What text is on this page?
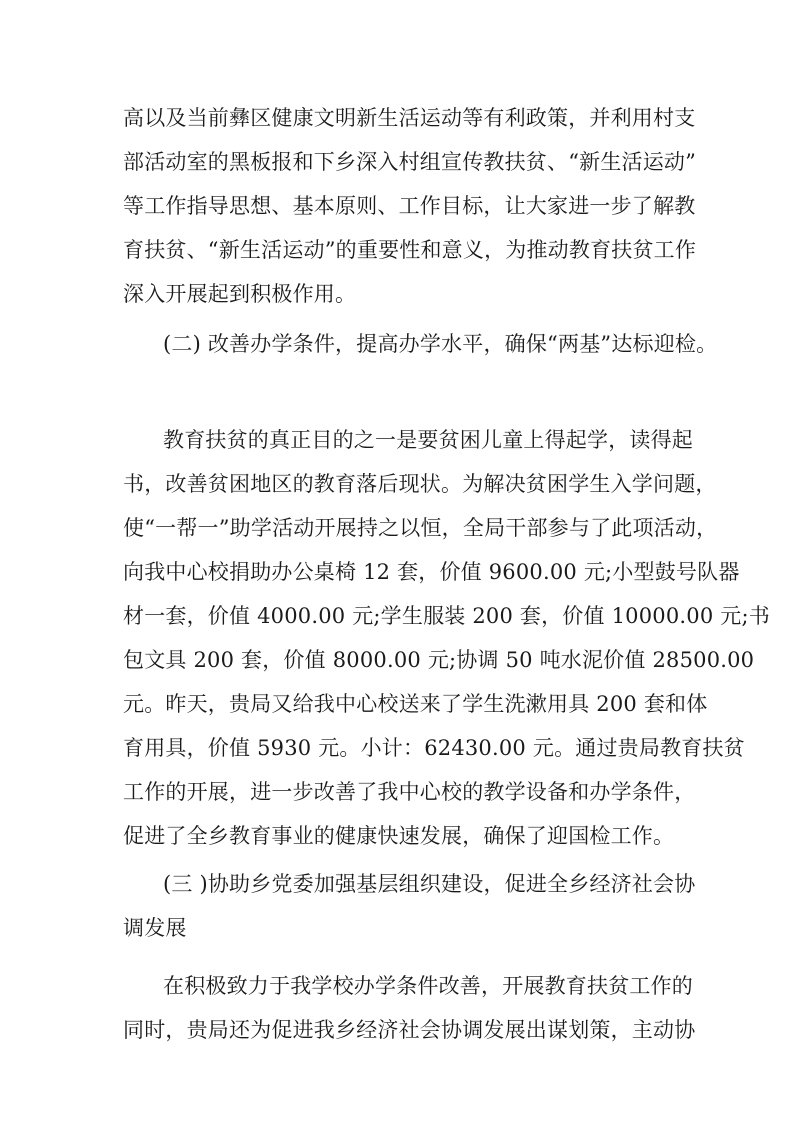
高以及当前彝区健康文明新生活运动等有利政策，并利用村支
部活动室的黑板报和下乡深入村组宣传教扶贫、“新生活运动”
等工作指导思想、基本原则、工作目标，让大家进一步了解教
育扶贫、“新生活运动”的重要性和意义，为推动教育扶贫工作
深入开展起到积极作用。
(二) 改善办学条件，提高办学水平，确保“两基”达标迎检。
教育扶贫的真正目的之一是要贫困儿童上得起学，读得起
书，改善贫困地区的教育落后现状。为解决贫困学生入学问题，
使“一帮一”助学活动开展持之以恒，全局干部参与了此项活动，
向我中心校捐助办公桌椅 12 套，价值 9600.00 元;小型鼓号队器
材一套，价值 4000.00 元;学生服装 200 套，价值 10000.00 元;书
包文具 200 套，价值 8000.00 元;协调 50 吨水泥价值 28500.00
元。昨天，贵局又给我中心校送来了学生洗漱用具 200 套和体
育用具，价值 5930 元。小计：62430.00 元。通过贵局教育扶贫
工作的开展，进一步改善了我中心校的教学设备和办学条件，
促进了全乡教育事业的健康快速发展，确保了迎国检工作。
(三 )协助乡党委加强基层组织建设，促进全乡经济社会协
调发展
在积极致力于我学校办学条件改善，开展教育扶贫工作的
同时，贵局还为促进我乡经济社会协调发展出谋划策，主动协
